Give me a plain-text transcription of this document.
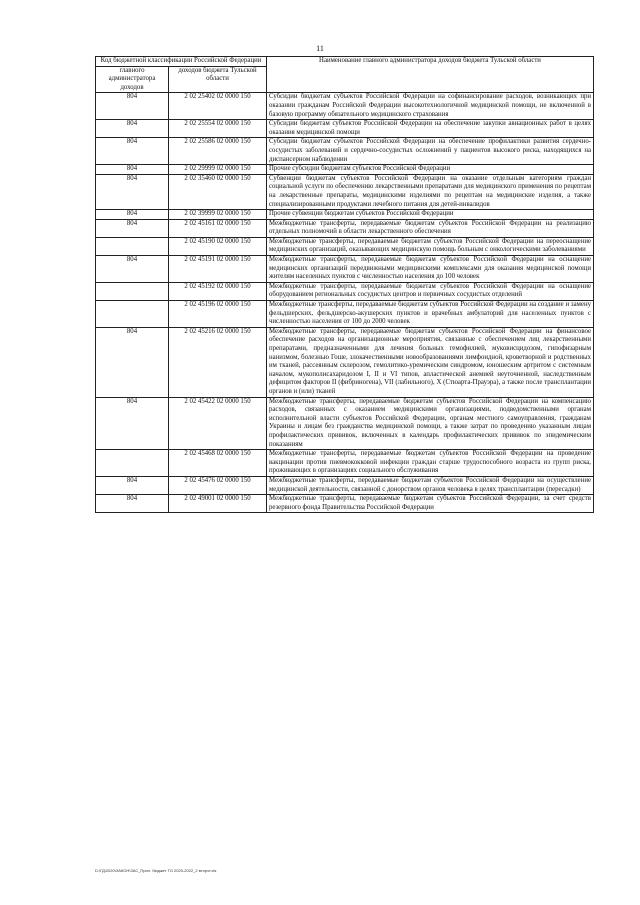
11
Код бюджетной классификации Российской Федерации		Наименование главного администратора доходов бюджета Тульской области
главного администратора доходов	доходов бюджета Тульской области	
804	2 02 25402 02 0000 150	Субсидии бюджетам субъектов Российской Федерации на софинансирование расходов, возникающих при оказании гражданам Российской Федерации высокотехнологичной медицинской помощи, не включенной в базовую программу обязательного медицинского страхования
804	2 02 25554 02 0000 150	Субсидии бюджетам субъектов Российской Федерации на обеспечение закупки авиационных работ в целях оказания медицинской помощи
804	2 02 25586 02 0000 150	Субсидии бюджетам субъектов Российской Федерации на обеспечение профилактики развития сердечно-сосудистых заболеваний и сердечно-сосудистых осложнений у пациентов высокого риска, находящихся на диспансерном наблюдении
804	2 02 29999 02 0000 150	Прочие субсидии бюджетам субъектов Российской Федерации
804	2 02 35460 02 0000 150	Субвенции бюджетам субъектов Российской Федерации на оказание отдельным категориям граждан социальной услуги по обеспечению лекарственными препаратами для медицинского применения по рецептам на лекарственные препараты, медицинскими изделиями по рецептам на медицинские изделия, а также специализированными продуктами лечебного питания для детей-инвалидов
804	2 02 39999 02 0000 150	Прочие субвенции бюджетам субъектов Российской Федерации
804	2 02 45161 02 0000 150	Межбюджетные трансферты, передаваемые бюджетам субъектов Российской Федерации на реализацию отдельных полномочий в области лекарственного обеспечения
	2 02 45190 02 0000 150	Межбюджетные трансферты, передаваемые бюджетам субъектов Российской Федерации на переоснащение медицинских организаций, оказывающих медицинскую помощь больным с онкологическими заболеваниями
804	2 02 45191 02 0000 150	Межбюджетные трансферты, передаваемые бюджетам субъектов Российской Федерации на оснащение медицинских организаций передвижными медицинскими комплексами для оказания медицинской помощи жителям населенных пунктов с численностью населения до 100 человек
	2 02 45192 02 0000 150	Межбюджетные трансферты, передаваемые бюджетам субъектов Российской Федерации на оснащение оборудованием региональных сосудистых центров и первичных сосудистых отделений
	2 02 45196 02 0000 150	Межбюджетные трансферты, передаваемые бюджетам субъектов Российской Федерации на создание и замену фельдшерских, фельдшерско-акушерских пунктов и врачебных амбулаторий для населенных пунктов с численностью населения от 100 до 2000 человек
804	2 02 45216 02 0000 150	Межбюджетные трансферты, передаваемые бюджетам субъектов Российской Федерации на финансовое обеспечение расходов на организационные мероприятия, связанные с обеспечением лиц лекарственными препаратами, предназначенными для лечения больных гемофилией, муковисцидозом, гипофизарным нанизмом, болезнью Гоше, злокачественными новообразованиями лимфоидной, кроветворной и родственных им тканей, рассеянным склерозом, гемолитико-уремическим синдромом, юношеским артритом с системным началом, мукополисахаридозом I, II и VI типов, апластической анемией неуточненной, наследственным дефицитом факторов II (фибриногена), VII (лабильного), X (Стюарта-Прауэра), а также после трансплантации органов и (или) тканей
804	2 02 45422 02 0000 150	Межбюджетные трансферты, передаваемые бюджетам субъектов Российской Федерации на компенсацию расходов, связанных с оказанием медицинскими организациями, подведомственными органам исполнительной власти субъектов Российской Федерации, органам местного самоуправления, гражданам Украины и лицам без гражданства медицинской помощи, а также затрат по проведению указанным лицам профилактических прививок, включенных в календарь профилактических прививок по эпидемическим показаниям
	2 02 45468 02 0000 150	Межбюджетные трансферты, передаваемые бюджетам субъектов Российской Федерации на проведение вакцинации против пневмококковой инфекции граждан старше трудоспособного возраста из групп риска, проживающих в организациях социального обслуживания
804	2 02 45476 02 0000 150	Межбюджетные трансферты, передаваемые бюджетам субъектов Российской Федерации на осуществление медицинской деятельности, связанной с донорством органов человека в целях трансплантации (пересадки)
804	2 02 49001 02 0000 150	Межбюджетные трансферты, передаваемые бюджетам субъектов Российской Федерации, за счет средств резервного фонда Правительства Российской Федерации
D:\ГД\2020\ЗАКОН\ЗАС_Прил. бюджет ТО 2020-2022_2 вторчт.xls
